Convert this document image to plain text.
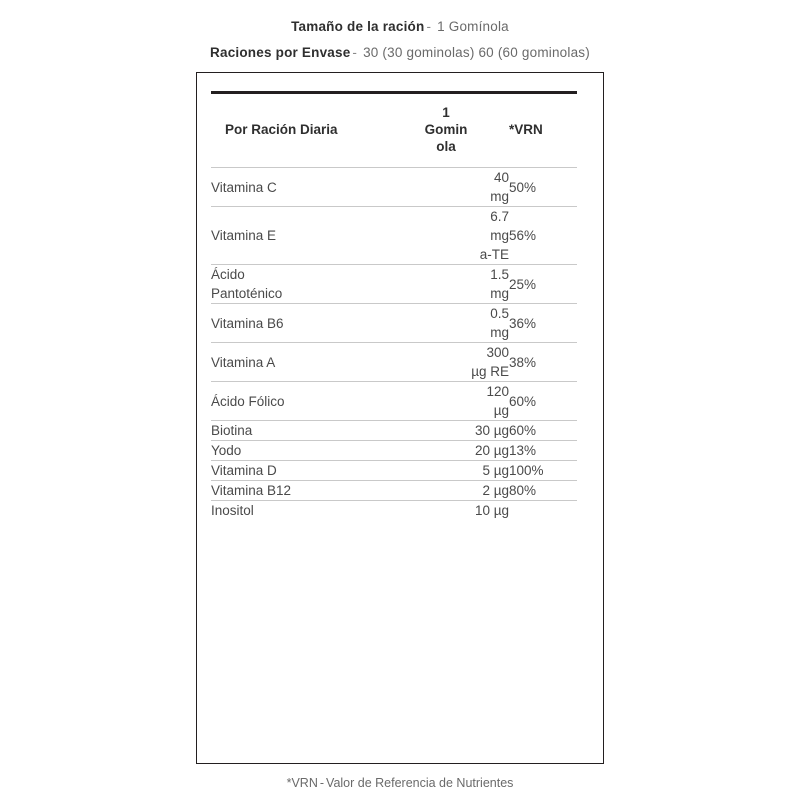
Tamaño de la ración - 1 Gomínola
Raciones por Envase - 30 (30 gominolas) 60 (60 gominolas)

Por Ración Diaria	1
Gomin
ola	*VRN

Vitamina C	40
mg	50%

Vitamina E	6.7
mg
a-TE	56%

Ácido
Pantoténico	1.5
mg	25%

Vitamina B6	0.5
mg	36%

Vitamina A	300
µg RE	38%

Ácido Fólico	120
µg	60%

Biotina	30 µg	60%

Yodo	20 µg	13%

Vitamina D	5 µg	100%

Vitamina B12	2 µg	80%

Inositol	10 µg	
*VRN - Valor de Referencia de Nutrientes
